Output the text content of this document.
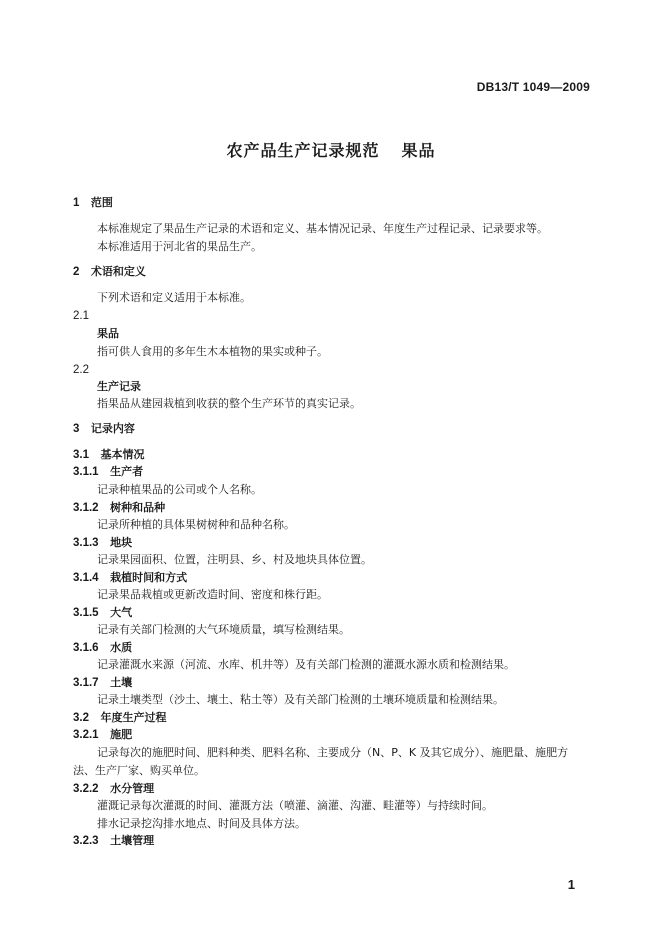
DB13/T 1049—2009
农产品生产记录规范 果品
1 范围
本标准规定了果品生产记录的术语和定义、基本情况记录、年度生产过程记录、记录要求等。
本标准适用于河北省的果品生产。
2 术语和定义
下列术语和定义适用于本标准。
2.1
果品
指可供人食用的多年生木本植物的果实或种子。
2.2
生产记录
指果品从建园栽植到收获的整个生产环节的真实记录。
3 记录内容
3.1 基本情况
3.1.1 生产者
记录种植果品的公司或个人名称。
3.1.2 树种和品种
记录所种植的具体果树树种和品种名称。
3.1.3 地块
记录果园面积、位置，注明县、乡、村及地块具体位置。
3.1.4 栽植时间和方式
记录果品栽植或更新改造时间、密度和株行距。
3.1.5 大气
记录有关部门检测的大气环境质量，填写检测结果。
3.1.6 水质
记录灌溉水来源（河流、水库、机井等）及有关部门检测的灌溉水源水质和检测结果。
3.1.7 土壤
记录土壤类型（沙土、壤土、粘土等）及有关部门检测的土壤环境质量和检测结果。
3.2 年度生产过程
3.2.1 施肥
记录每次的施肥时间、肥料种类、肥料名称、主要成分（N、P、K 及其它成分）、施肥量、施肥方
法、生产厂家、购买单位。
3.2.2 水分管理
灌溉记录每次灌溉的时间、灌溉方法（喷灌、滴灌、沟灌、畦灌等）与持续时间。
排水记录挖沟排水地点、时间及具体方法。
3.2.3 土壤管理
1
